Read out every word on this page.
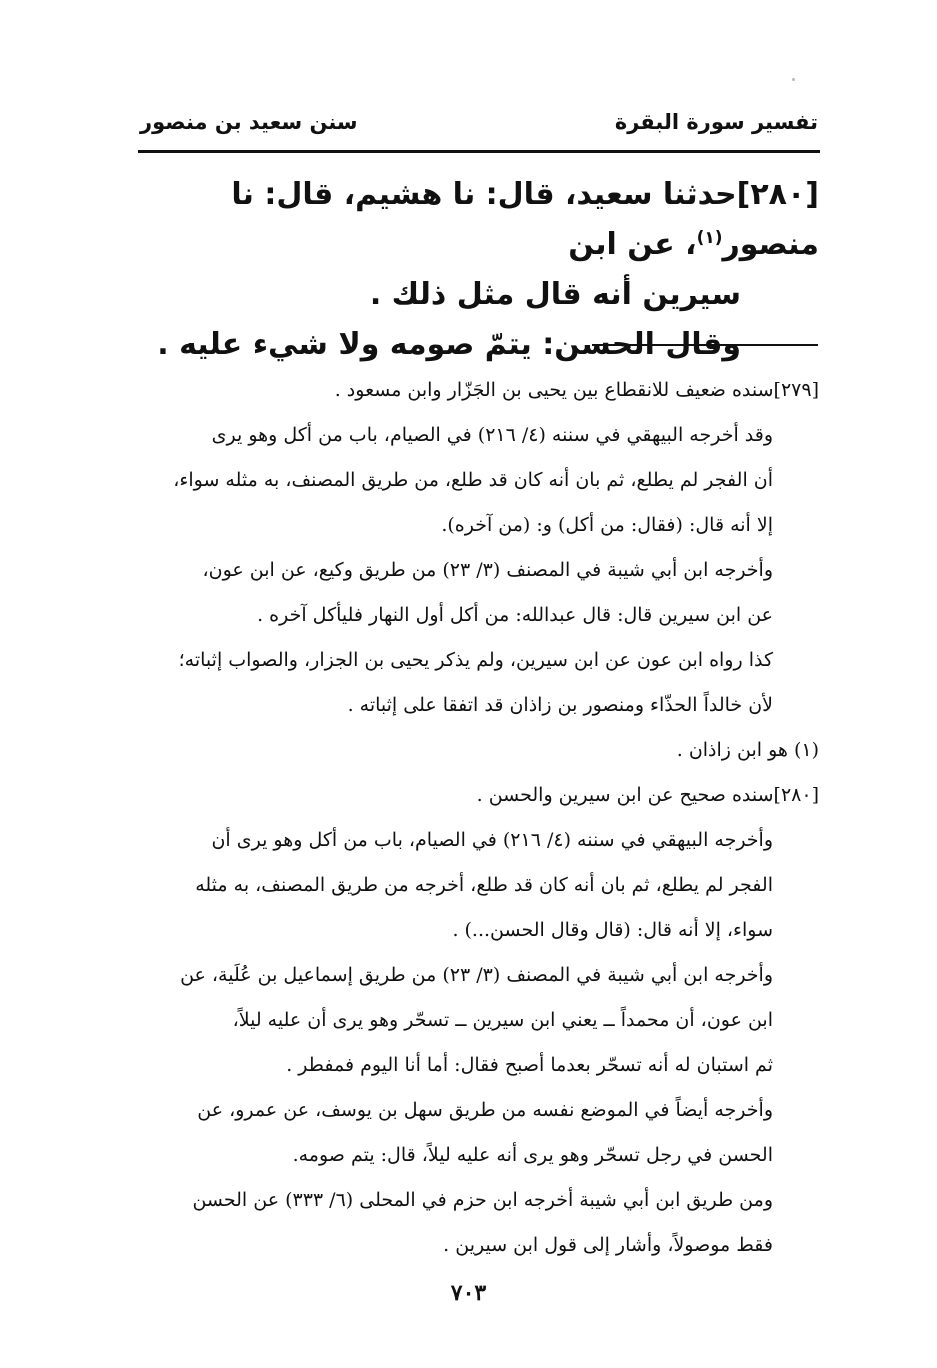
تفسير سورة البقرة
سنن سعيد بن منصور

[٢٨٠]حدثنا سعيد، قال: نا هشيم، قال: نا منصور$^{(١)}$، عن ابن

سيرين أنه قال مثل ذلك .

وقال الحسن: يتمّ صومه ولا شيء عليه .

[٢٧٩]سنده ضعيف للانقطاع بين يحيى بن الجَزّار وابن مسعود .

وقد أخرجه البيهقي في سننه (٤/ ٢١٦) في الصيام، باب من أكل وهو يرى

أن الفجر لم يطلع، ثم بان أنه كان قد طلع، من طريق المصنف، به مثله سواء،

إلا أنه قال: (فقال: من أكل) و: (من آخره).

وأخرجه ابن أبي شيبة في المصنف (٣/ ٢٣) من طريق وكيع، عن ابن عون،

عن ابن سيرين قال: قال عبدالله: من أكل أول النهار فليأكل آخره .

كذا رواه ابن عون عن ابن سيرين، ولم يذكر يحيى بن الجزار، والصواب إثباته؛

لأن خالداً الحذّاء ومنصور بن زاذان قد اتفقا على إثباته .

(١) هو ابن زاذان .

[٢٨٠]سنده صحيح عن ابن سيرين والحسن .

وأخرجه البيهقي في سننه (٤/ ٢١٦) في الصيام، باب من أكل وهو يرى أن

الفجر لم يطلع، ثم بان أنه كان قد طلع، أخرجه من طريق المصنف، به مثله

سواء، إلا أنه قال: (قال وقال الحسن...) .

وأخرجه ابن أبي شيبة في المصنف (٣/ ٢٣) من طريق إسماعيل بن عُلَية، عن

ابن عون، أن محمداً ــ يعني ابن سيرين ــ تسحّر وهو يرى أن عليه ليلاً،

ثم استبان له أنه تسحّر بعدما أصبح فقال: أما أنا اليوم فمفطر .

وأخرجه أيضاً في الموضع نفسه من طريق سهل بن يوسف، عن عمرو، عن

الحسن في رجل تسحّر وهو يرى أنه عليه ليلاً، قال: يتم صومه.

ومن طريق ابن أبي شيبة أخرجه ابن حزم في المحلى (٦/ ٣٣٣) عن الحسن

فقط موصولاً، وأشار إلى قول ابن سيرين .

٧٠٣
